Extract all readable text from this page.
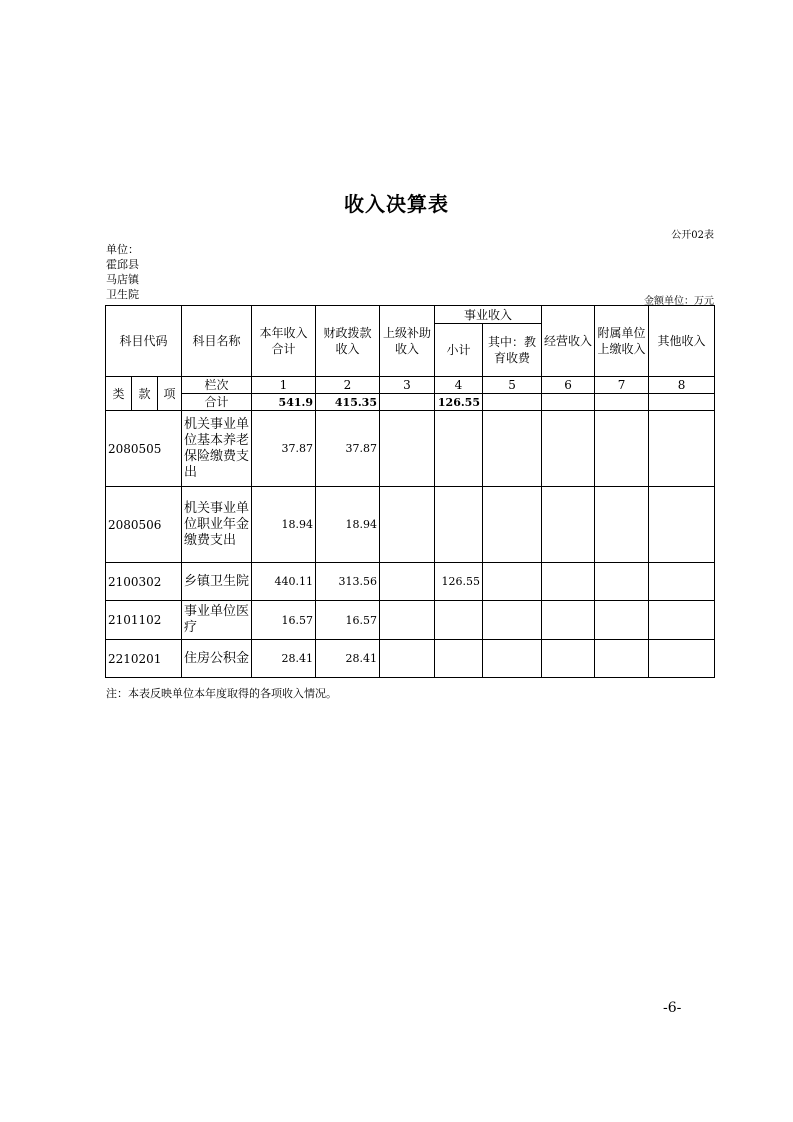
收入决算表
公开02表
单位：
霍邱县
马店镇
卫生院
金额单位：万元
科目代码			科目名称	本年收入合计	财政拨款收入	上级补助收入	事业收入		经营收入	附属单位上缴收入	其他收入
							小计	其中：教育收费			
类	款	项	栏次	1	2	3	4	5	6	7	8
			合计	541.9	415.35		126.55				
2080505			机关事业单位基本养老保险缴费支出	37.87	37.87						
2080506			机关事业单位职业年金缴费支出	18.94	18.94						
2100302			乡镇卫生院	440.11	313.56		126.55				
2101102			事业单位医疗	16.57	16.57						
2210201			住房公积金	28.41	28.41						
注：本表反映单位本年度取得的各项收入情况。
-6-
